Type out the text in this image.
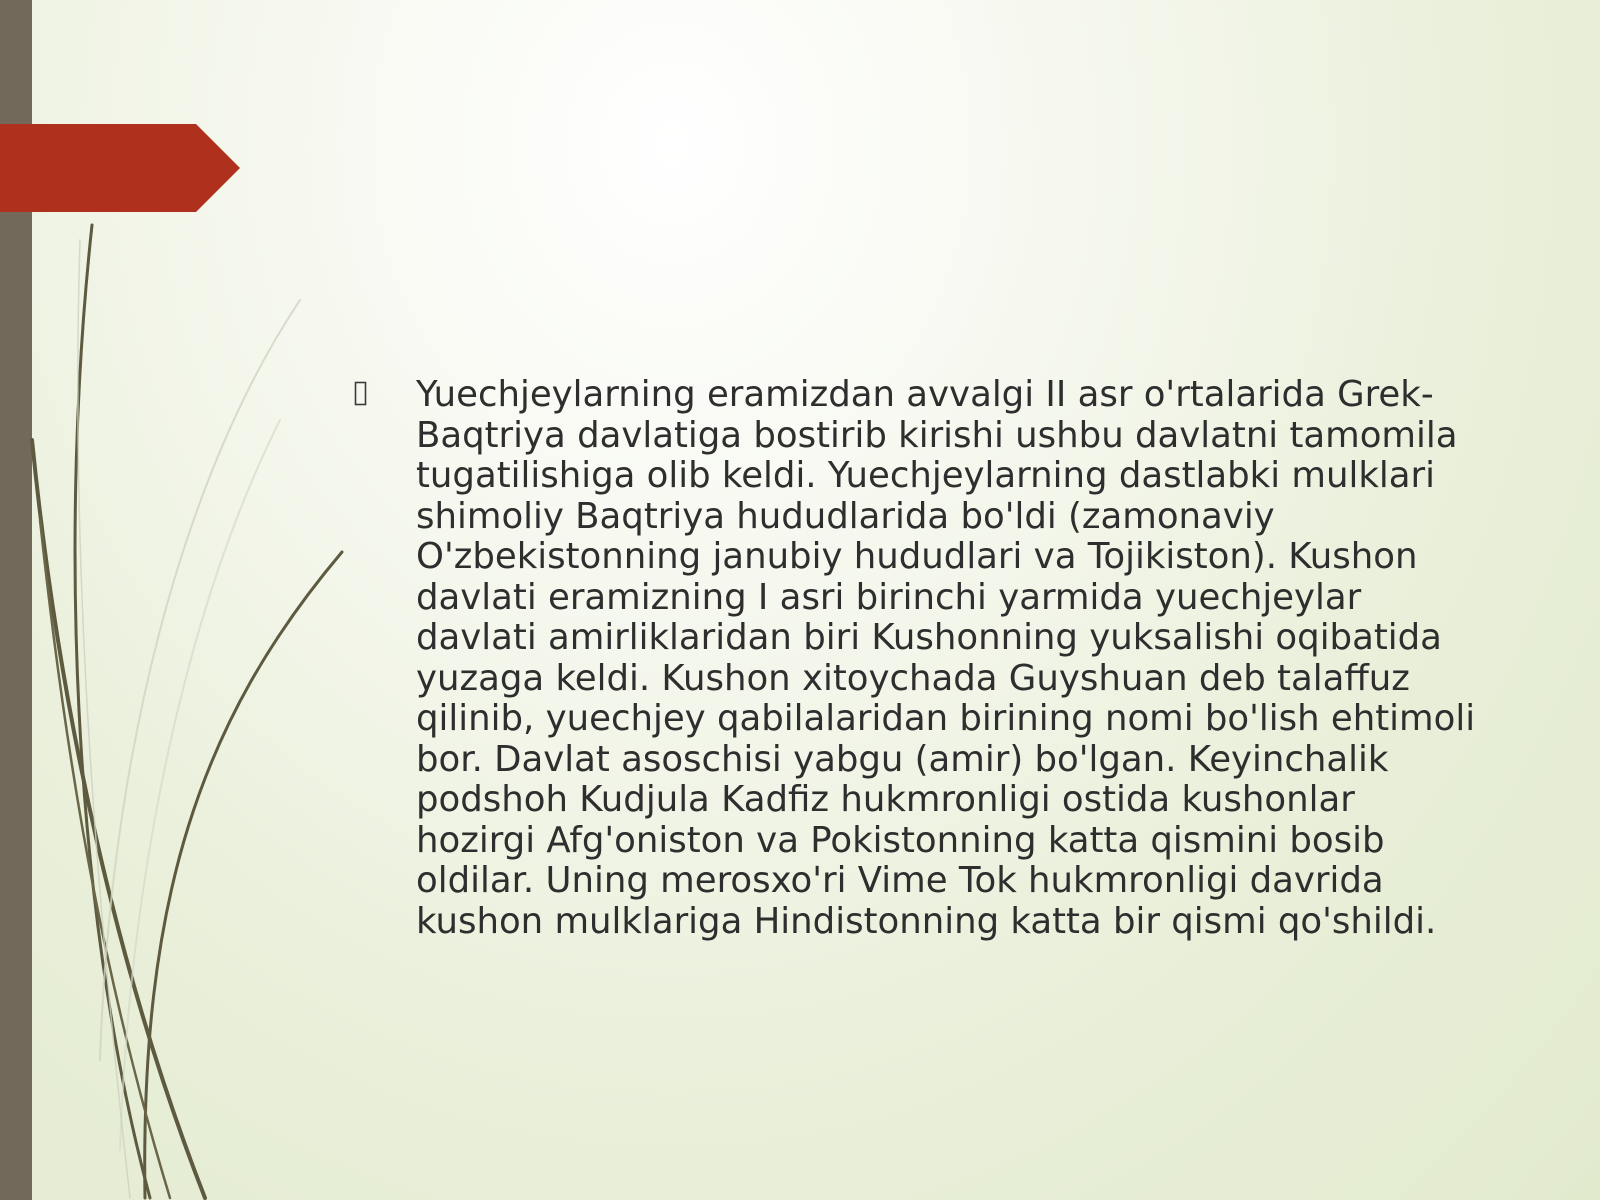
Yuechjeylarning eramizdan avvalgi II asr o'rtalarida Grek-Baqtriya davlatiga bostirib kirishi ushbu davlatni tamomila tugatilishiga olib keldi. Yuechjeylarning dastlabki mulklari shimoliy Baqtriya hududlarida bo'ldi (zamonaviy O'zbekistonning janubiy hududlari va Tojikiston). Kushon davlati eramizning I asri birinchi yarmida yuechjeylar davlati amirliklaridan biri Kushonning yuksalishi oqibatida yuzaga keldi. Kushon xitoychada Guyshuan deb talaffuz qilinib, yuechjey qabilalaridan birining nomi bo'lish ehtimoli bor. Davlat asoschisi yabgu (amir) bo'lgan. Keyinchalik podshoh Kudjula Kadfiz hukmronligi ostida kushonlar hozirgi Afg'oniston va Pokistonning katta qismini bosib oldilar. Uning merosxo'ri Vime Tok hukmronligi davrida kushon mulklariga Hindistonning katta bir qismi qo'shildi.
